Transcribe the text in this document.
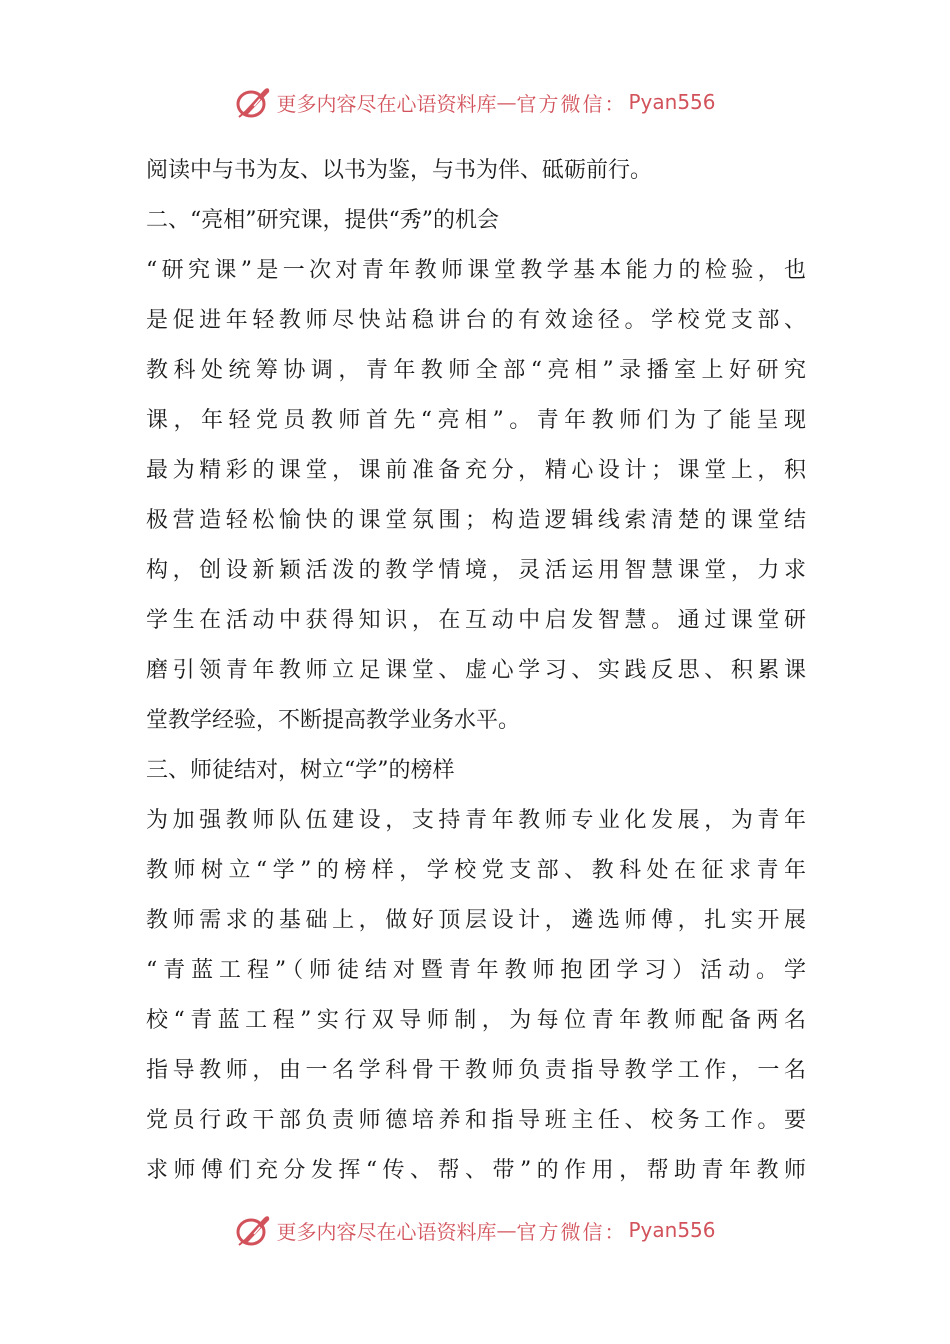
更多内容尽在心语资料库 — 官方微信： Pyan556
阅读中与书为友、以书为鉴，与书为伴、砥砺前行。
二、“亮相”研究课，提供“秀”的机会
“研究课”是一次对青年教师课堂教学基本能力的检验，也
是促进年轻教师尽快站稳讲台的有效途径。学校党支部、
教科处统筹协调，青年教师全部“亮相”录播室上好研究
课，年轻党员教师首先“亮相”。青年教师们为了能呈现
最为精彩的课堂，课前准备充分，精心设计；课堂上，积
极营造轻松愉快的课堂氛围；构造逻辑线索清楚的课堂结
构，创设新颖活泼的教学情境，灵活运用智慧课堂，力求
学生在活动中获得知识，在互动中启发智慧。通过课堂研
磨引领青年教师立足课堂、虚心学习、实践反思、积累课
堂教学经验，不断提高教学业务水平。
三、师徒结对，树立“学”的榜样
为加强教师队伍建设，支持青年教师专业化发展，为青年
教师树立“学”的榜样，学校党支部、教科处在征求青年
教师需求的基础上，做好顶层设计，遴选师傅，扎实开展
“青蓝工程”（师徒结对暨青年教师抱团学习）活动。学
校“青蓝工程”实行双导师制，为每位青年教师配备两名
指导教师，由一名学科骨干教师负责指导教学工作，一名
党员行政干部负责师德培养和指导班主任、校务工作。要
求师傅们充分发挥“传、帮、带”的作用，帮助青年教师
更多内容尽在心语资料库 — 官方微信： Pyan556
